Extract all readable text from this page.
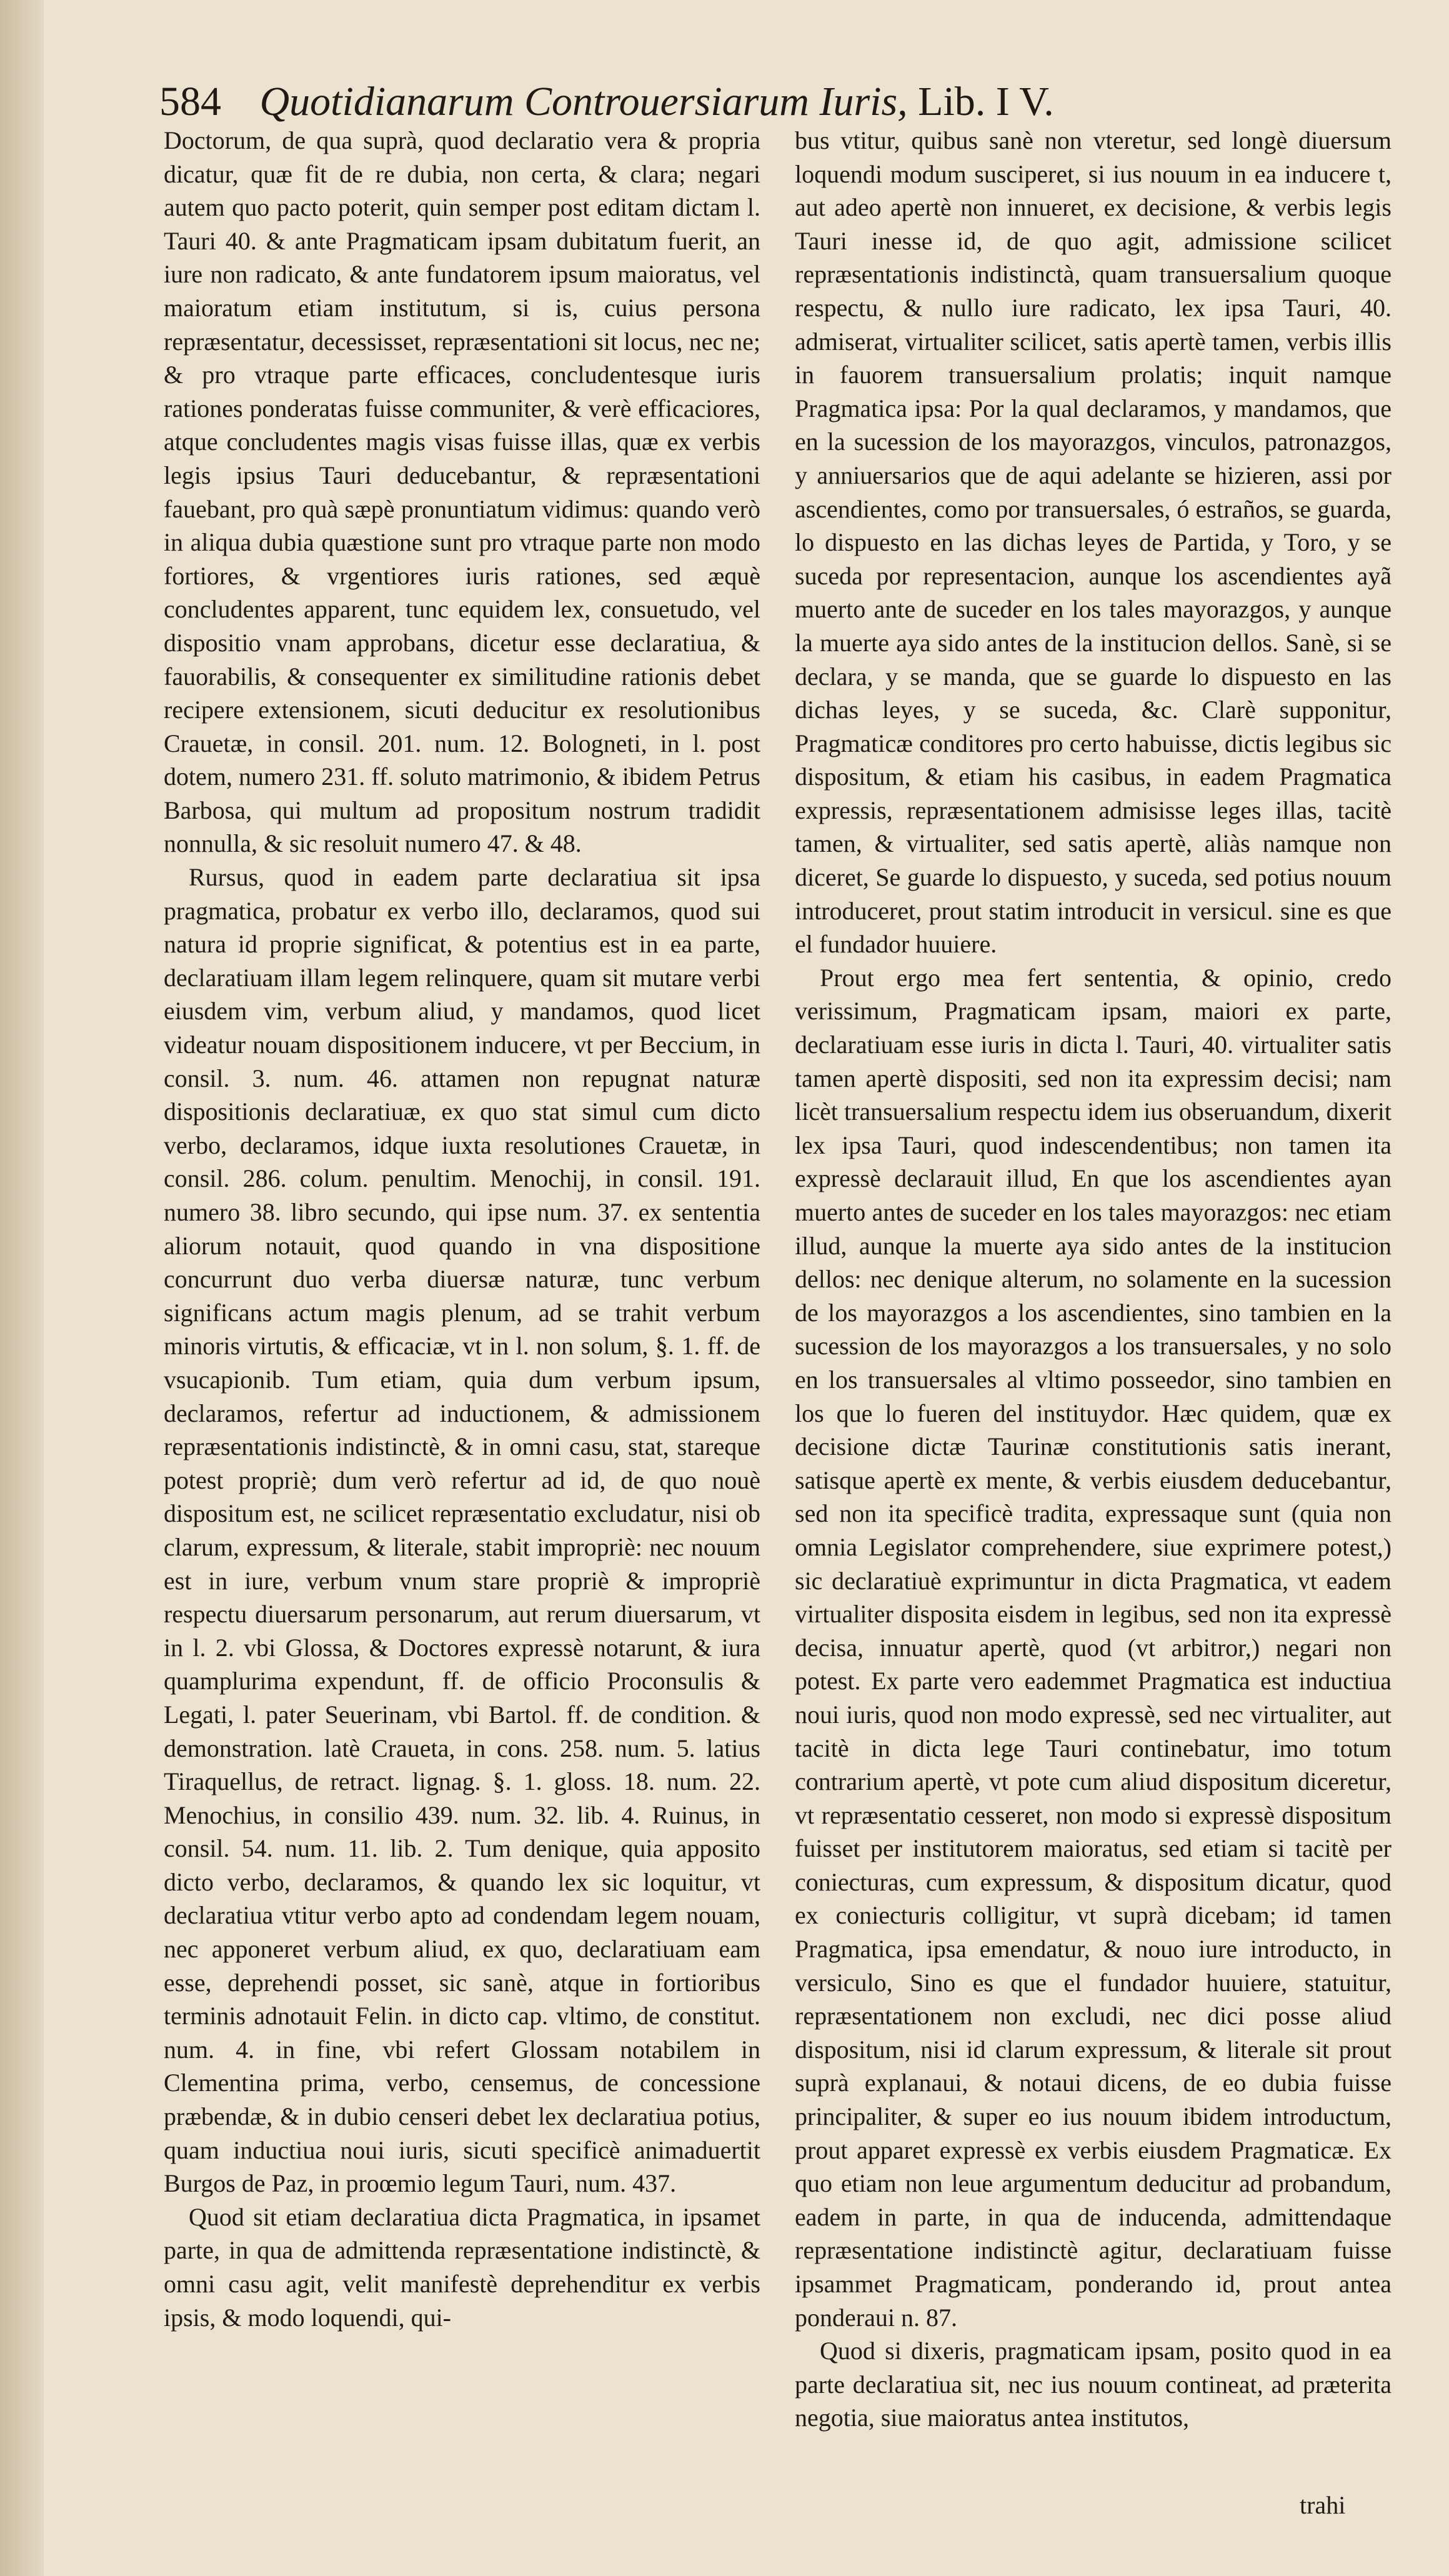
584 Quotidianarum Controuersiarum Iuris, Lib. I V.

Doctorum, de qua suprà, quod declaratio vera & propria dicatur, quæ fit de re dubia, non certa, & clara; negari autem quo pacto poterit, quin semper post editam dictam l. Tauri 40. & ante Pragmaticam ipsam dubitatum fuerit, an iure non radicato, & ante fundatorem ipsum maioratus, vel maioratum etiam institutum, si is, cuius persona repræsentatur, decessisset, repræsentationi sit locus, nec ne; & pro vtraque parte efficaces, concludentesque iuris rationes ponderatas fuisse communiter, & verè efficaciores, atque concludentes magis visas fuisse illas, quæ ex verbis legis ipsius Tauri deducebantur, & repræsentationi fauebant, pro quà sæpè pronuntiatum vidimus: quando verò in aliqua dubia quæstione sunt pro vtraque parte non modo fortiores, & vrgentiores iuris rationes, sed æquè concludentes apparent, tunc equidem lex, consuetudo, vel dispositio vnam approbans, dicetur esse declaratiua, & fauorabilis, & consequenter ex similitudine rationis debet recipere extensionem, sicuti deducitur ex resolutionibus Crauetæ, in consil. 201. num. 12. Bologneti, in l. post dotem, numero 231. ff. soluto matrimonio, & ibidem Petrus Barbosa, qui multum ad propositum nostrum tradidit nonnulla, & sic resoluit numero 47. & 48.

Rursus, quod in eadem parte declaratiua sit ipsa pragmatica, probatur ex verbo illo, declaramos, quod sui natura id proprie significat, & potentius est in ea parte, declaratiuam illam legem relinquere, quam sit mutare verbi eiusdem vim, verbum aliud, y mandamos, quod licet videatur nouam dispositionem inducere, vt per Beccium, in consil. 3. num. 46. attamen non repugnat naturæ dispositionis declaratiuæ, ex quo stat simul cum dicto verbo, declaramos, idque iuxta resolutiones Crauetæ, in consil. 286. colum. penultim. Menochij, in consil. 191. numero 38. libro secundo, qui ipse num. 37. ex sententia aliorum notauit, quod quando in vna dispositione concurrunt duo verba diuersæ naturæ, tunc verbum significans actum magis plenum, ad se trahit verbum minoris virtutis, & efficaciæ, vt in l. non solum, §. 1. ff. de vsucapionib. Tum etiam, quia dum verbum ipsum, declaramos, refertur ad inductionem, & admissionem repræsentationis indistinctè, & in omni casu, stat, stareque potest propriè; dum verò refertur ad id, de quo nouè dispositum est, ne scilicet repræsentatio excludatur, nisi ob clarum, expressum, & literale, stabit impropriè: nec nouum est in iure, verbum vnum stare propriè & impropriè respectu diuersarum personarum, aut rerum diuersarum, vt in l. 2. vbi Glossa, & Doctores expressè notarunt, & iura quamplurima expendunt, ff. de officio Proconsulis & Legati, l. pater Seuerinam, vbi Bartol. ff. de condition. & demonstration. latè Craueta, in cons. 258. num. 5. latius Tiraquellus, de retract. lignag. §. 1. gloss. 18. num. 22. Menochius, in consilio 439. num. 32. lib. 4. Ruinus, in consil. 54. num. 11. lib. 2. Tum denique, quia apposito dicto verbo, declaramos, & quando lex sic loquitur, vt declaratiua vtitur verbo apto ad condendam legem nouam, nec apponeret verbum aliud, ex quo, declaratiuam eam esse, deprehendi posset, sic sanè, atque in fortioribus terminis adnotauit Felin. in dicto cap. vltimo, de constitut. num. 4. in fine, vbi refert Glossam notabilem in Clementina prima, verbo, censemus, de concessione præbendæ, & in dubio censeri debet lex declaratiua potius, quam inductiua noui iuris, sicuti specificè animaduertit Burgos de Paz, in proœmio legum Tauri, num. 437.

Quod sit etiam declaratiua dicta Pragmatica, in ipsamet parte, in qua de admittenda repræsentatione indistinctè, & omni casu agit, velit manifestè deprehenditur ex verbis ipsis, & modo loquendi, qui-

bus vtitur, quibus sanè non vteretur, sed longè diuersum loquendi modum susciperet, si ius nouum in ea inducere t, aut adeo apertè non innueret, ex decisione, & verbis legis Tauri inesse id, de quo agit, admissione scilicet repræsentationis indistinctà, quam transuersalium quoque respectu, & nullo iure radicato, lex ipsa Tauri, 40. admiserat, virtualiter scilicet, satis apertè tamen, verbis illis in fauorem transuersalium prolatis; inquit namque Pragmatica ipsa: Por la qual declaramos, y mandamos, que en la sucession de los mayorazgos, vinculos, patronazgos, y anniuersarios que de aqui adelante se hizieren, assi por ascendientes, como por transuersales, ó estraños, se guarda, lo dispuesto en las dichas leyes de Partida, y Toro, y se suceda por representacion, aunque los ascendientes ayã muerto ante de suceder en los tales mayorazgos, y aunque la muerte aya sido antes de la institucion dellos. Sanè, si se declara, y se manda, que se guarde lo dispuesto en las dichas leyes, y se suceda, &c. Clarè supponitur, Pragmaticæ conditores pro certo habuisse, dictis legibus sic dispositum, & etiam his casibus, in eadem Pragmatica expressis, repræsentationem admisisse leges illas, tacitè tamen, & virtualiter, sed satis apertè, aliàs namque non diceret, Se guarde lo dispuesto, y suceda, sed potius nouum introduceret, prout statim introducit in versicul. sine es que el fundador huuiere.

Prout ergo mea fert sententia, & opinio, credo verissimum, Pragmaticam ipsam, maiori ex parte, declaratiuam esse iuris in dicta l. Tauri, 40. virtualiter satis tamen apertè dispositi, sed non ita expressim decisi; nam licèt transuersalium respectu idem ius obseruandum, dixerit lex ipsa Tauri, quod indescendentibus; non tamen ita expressè declarauit illud, En que los ascendientes ayan muerto antes de suceder en los tales mayorazgos: nec etiam illud, aunque la muerte aya sido antes de la institucion dellos: nec denique alterum, no solamente en la sucession de los mayorazgos a los ascendientes, sino tambien en la sucession de los mayorazgos a los transuersales, y no solo en los transuersales al vltimo posseedor, sino tambien en los que lo fueren del instituydor. Hæc quidem, quæ ex decisione dictæ Taurinæ constitutionis satis inerant, satisque apertè ex mente, & verbis eiusdem deducebantur, sed non ita specificè tradita, expressaque sunt (quia non omnia Legislator comprehendere, siue exprimere potest,) sic declaratiuè exprimuntur in dicta Pragmatica, vt eadem virtualiter disposita eisdem in legibus, sed non ita expressè decisa, innuatur apertè, quod (vt arbitror,) negari non potest. Ex parte vero eademmet Pragmatica est inductiua noui iuris, quod non modo expressè, sed nec virtualiter, aut tacitè in dicta lege Tauri continebatur, imo totum contrarium apertè, vt pote cum aliud dispositum diceretur, vt repræsentatio cesseret, non modo si expressè dispositum fuisset per institutorem maioratus, sed etiam si tacitè per coniecturas, cum expressum, & dispositum dicatur, quod ex coniecturis colligitur, vt suprà dicebam; id tamen Pragmatica, ipsa emendatur, & nouo iure introducto, in versiculo, Sino es que el fundador huuiere, statuitur, repræsentationem non excludi, nec dici posse aliud dispositum, nisi id clarum expressum, & literale sit prout suprà explanaui, & notaui dicens, de eo dubia fuisse principaliter, & super eo ius nouum ibidem introductum, prout apparet expressè ex verbis eiusdem Pragmaticæ. Ex quo etiam non leue argumentum deducitur ad probandum, eadem in parte, in qua de inducenda, admittendaque repræsentatione indistinctè agitur, declaratiuam fuisse ipsammet Pragmaticam, ponderando id, prout antea ponderaui n. 87.

Quod si dixeris, pragmaticam ipsam, posito quod in ea parte declaratiua sit, nec ius nouum contineat, ad præterita negotia, siue maioratus antea institutos,

trahi
